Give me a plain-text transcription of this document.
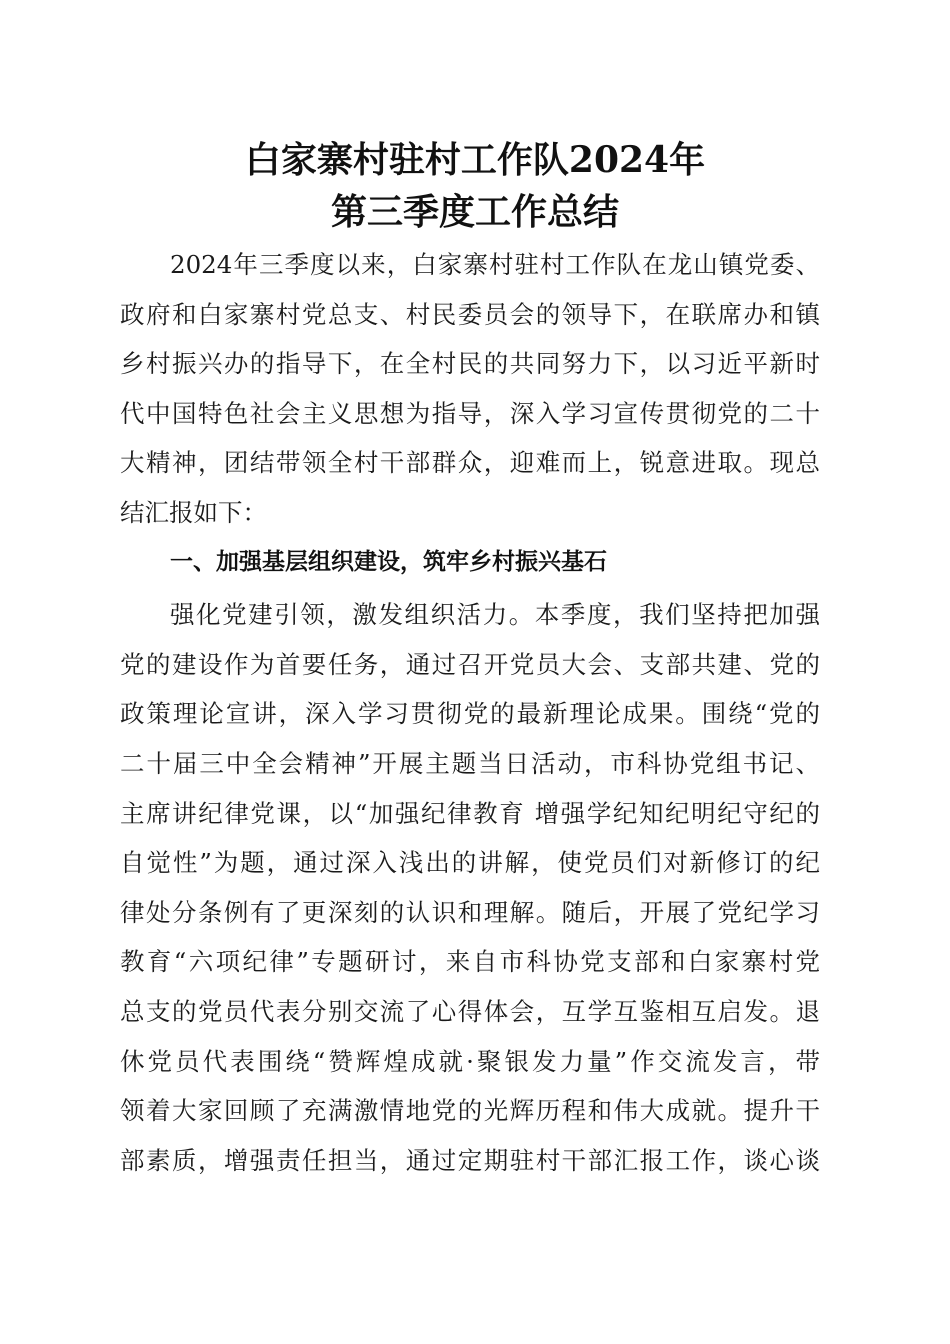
白家寨村驻村工作队2024年
第三季度工作总结
2024年三季度以来，白家寨村驻村工作队在龙山镇党委、
政府和白家寨村党总支、村民委员会的领导下，在联席办和镇
乡村振兴办的指导下，在全村民的共同努力下，以习近平新时
代中国特色社会主义思想为指导，深入学习宣传贯彻党的二十
大精神，团结带领全村干部群众，迎难而上，锐意进取。现总
结汇报如下：
一、加强基层组织建设，筑牢乡村振兴基石
强化党建引领，激发组织活力。本季度，我们坚持把加强
党的建设作为首要任务，通过召开党员大会、支部共建、党的
政策理论宣讲，深入学习贯彻党的最新理论成果。围绕“党的
二十届三中全会精神”开展主题当日活动，市科协党组书记、
主席讲纪律党课，以“加强纪律教育 增强学纪知纪明纪守纪的
自觉性”为题，通过深入浅出的讲解，使党员们对新修订的纪
律处分条例有了更深刻的认识和理解。随后，开展了党纪学习
教育“六项纪律”专题研讨，来自市科协党支部和白家寨村党
总支的党员代表分别交流了心得体会，互学互鉴相互启发。退
休党员代表围绕“赞辉煌成就·聚银发力量”作交流发言，带
领着大家回顾了充满激情地党的光辉历程和伟大成就。提升干
部素质，增强责任担当，通过定期驻村干部汇报工作，谈心谈
